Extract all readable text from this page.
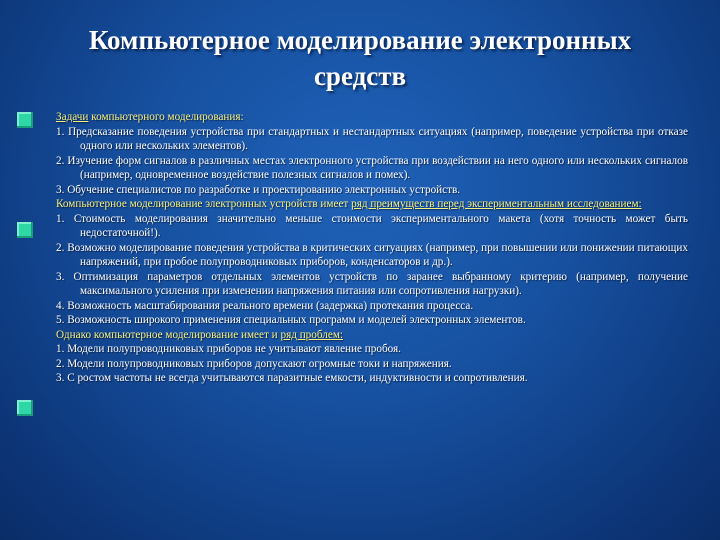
Компьютерное моделирование электронных
средств

Задачи компьютерного моделирования:

1. Предсказание поведения устройства при стандартных и нестандартных ситуациях (например, поведение устройства при отказе одного или нескольких элементов).

2. Изучение форм сигналов в различных местах электронного устройства при воздействии на него одного или нескольких сигналов (например, одновременное воздействие полезных сигналов и помех).

3. Обучение специалистов по разработке и проектированию электронных устройств.

Компьютерное моделирование электронных устройств имеет ряд преимуществ перед экспериментальным исследованием:

1. Стоимость моделирования значительно меньше стоимости экспериментального макета (хотя точность может быть недостаточной!).

2. Возможно моделирование поведения устройства в критических ситуациях (например, при повышении или понижении питающих напряжений, при пробое полупроводниковых приборов, конденсаторов и др.).

3. Оптимизация параметров отдельных элементов устройств по заранее выбранному критерию (например, получение максимального усиления при изменении напряжения питания или сопротивления нагрузки).

4. Возможность масштабирования реального времени (задержка) протекания процесса.

5. Возможность широкого применения специальных программ и моделей электронных элементов.

Однако компьютерное моделирование имеет и ряд проблем:

1. Модели полупроводниковых приборов не учитывают явление пробоя.

2. Модели полупроводниковых приборов допускают огромные токи и напряжения.

3. С ростом частоты не всегда учитываются паразитные емкости, индуктивности и сопротивления.
